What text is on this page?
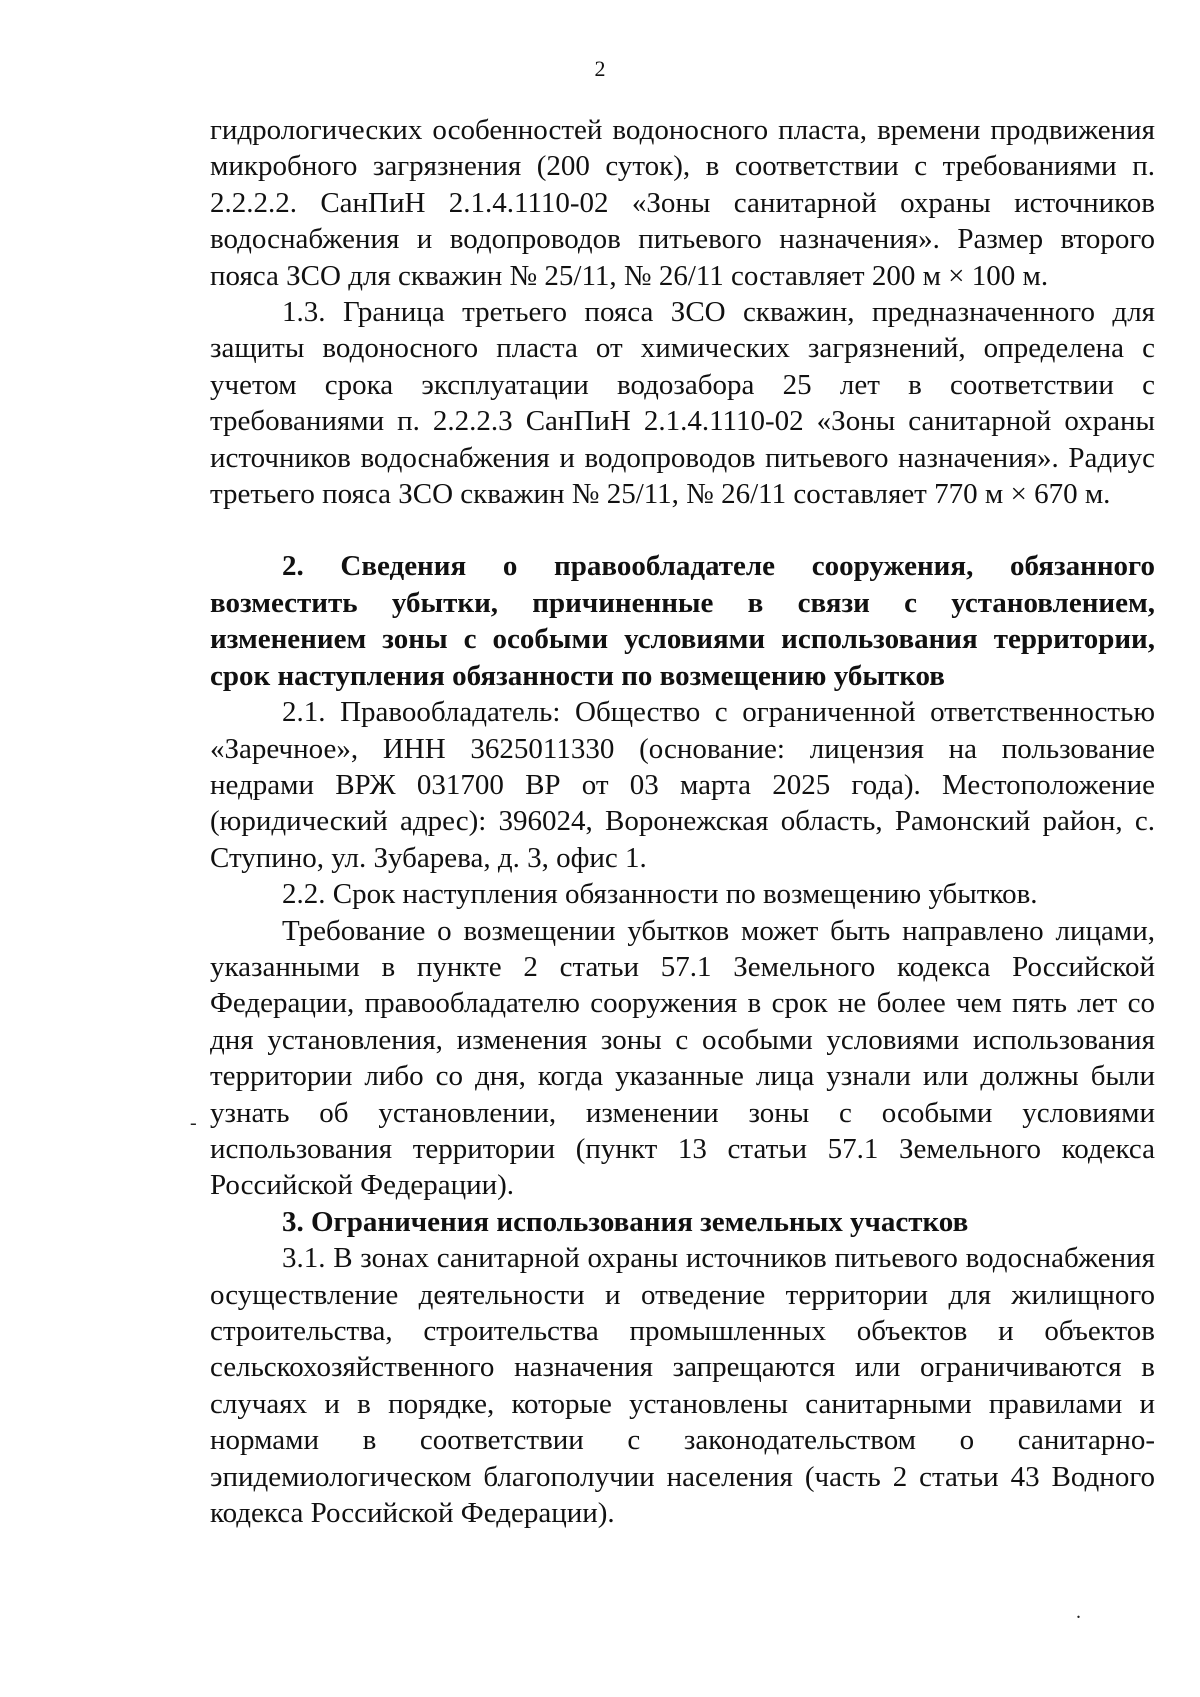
2

гидрологических особенностей водоносного пласта, времени продвижения микробного загрязнения (200 суток), в соответствии с требованиями п. 2.2.2.2. СанПиН 2.1.4.1110-02 «Зоны санитарной охраны источников водоснабжения и водопроводов питьевого назначения». Размер второго пояса ЗСО для скважин № 25/11, № 26/11 составляет 200 м × 100 м.

1.3. Граница третьего пояса ЗСО скважин, предназначенного для защиты водоносного пласта от химических загрязнений, определена с учетом срока эксплуатации водозабора 25 лет в соответствии с требованиями п. 2.2.2.3 СанПиН 2.1.4.1110-02 «Зоны санитарной охраны источников водоснабжения и водопроводов питьевого назначения». Радиус третьего пояса ЗСО скважин № 25/11, № 26/11 составляет 770 м × 670 м.

2. Сведения о правообладателе сооружения, обязанного возместить убытки, причиненные в связи с установлением, изменением зоны с особыми условиями использования территории, срок наступления обязанности по возмещению убытков

2.1. Правообладатель: Общество с ограниченной ответственностью «Заречное», ИНН 3625011330 (основание: лицензия на пользование недрами ВРЖ 031700 ВР от 03 марта 2025 года). Местоположение (юридический адрес): 396024, Воронежская область, Рамонский район, с. Ступино, ул. Зубарева, д. 3, офис 1.

2.2. Срок наступления обязанности по возмещению убытков.

Требование о возмещении убытков может быть направлено лицами, указанными в пункте 2 статьи 57.1 Земельного кодекса Российской Федерации, правообладателю сооружения в срок не более чем пять лет со дня установления, изменения зоны с особыми условиями использования территории либо со дня, когда указанные лица узнали или должны были узнать об установлении, изменении зоны с особыми условиями использования территории (пункт 13 статьи 57.1 Земельного кодекса Российской Федерации).

3. Ограничения использования земельных участков

3.1. В зонах санитарной охраны источников питьевого водоснабжения осуществление деятельности и отведение территории для жилищного строительства, строительства промышленных объектов и объектов сельскохозяйственного назначения запрещаются или ограничиваются в случаях и в порядке, которые установлены санитарными правилами и нормами в соответствии с законодательством о санитарно-эпидемиологическом благополучии населения (часть 2 статьи 43 Водного кодекса Российской Федерации).

-
.
